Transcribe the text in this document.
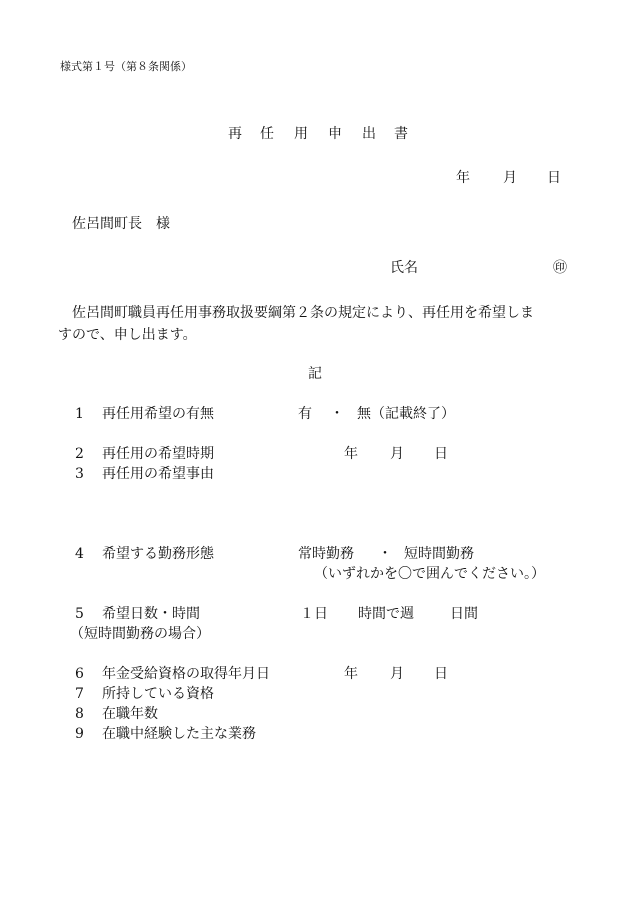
様式第１号（第８条関係）
再 任 用 申 出 書
年 月 日
佐呂間町長　様
氏名	㊞
佐呂間町職員再任用事務取扱要綱第２条の規定により、再任用を希望しま
すので、申し出ます。
記
1 再任用希望の有無	有 ・ 無（記載終了）
2 再任用の希望時期	年 月 日
3 再任用の希望事由
4 希望する勤務形態	常時勤務 ・ 短時間勤務
（いずれかを〇で囲んでください。）
5 希望日数・時間	１日 時間で週	日間
（短時間勤務の場合）
6 年金受給資格の取得年月日	年 月 日
7 所持している資格
8 在職年数
9 在職中経験した主な業務
